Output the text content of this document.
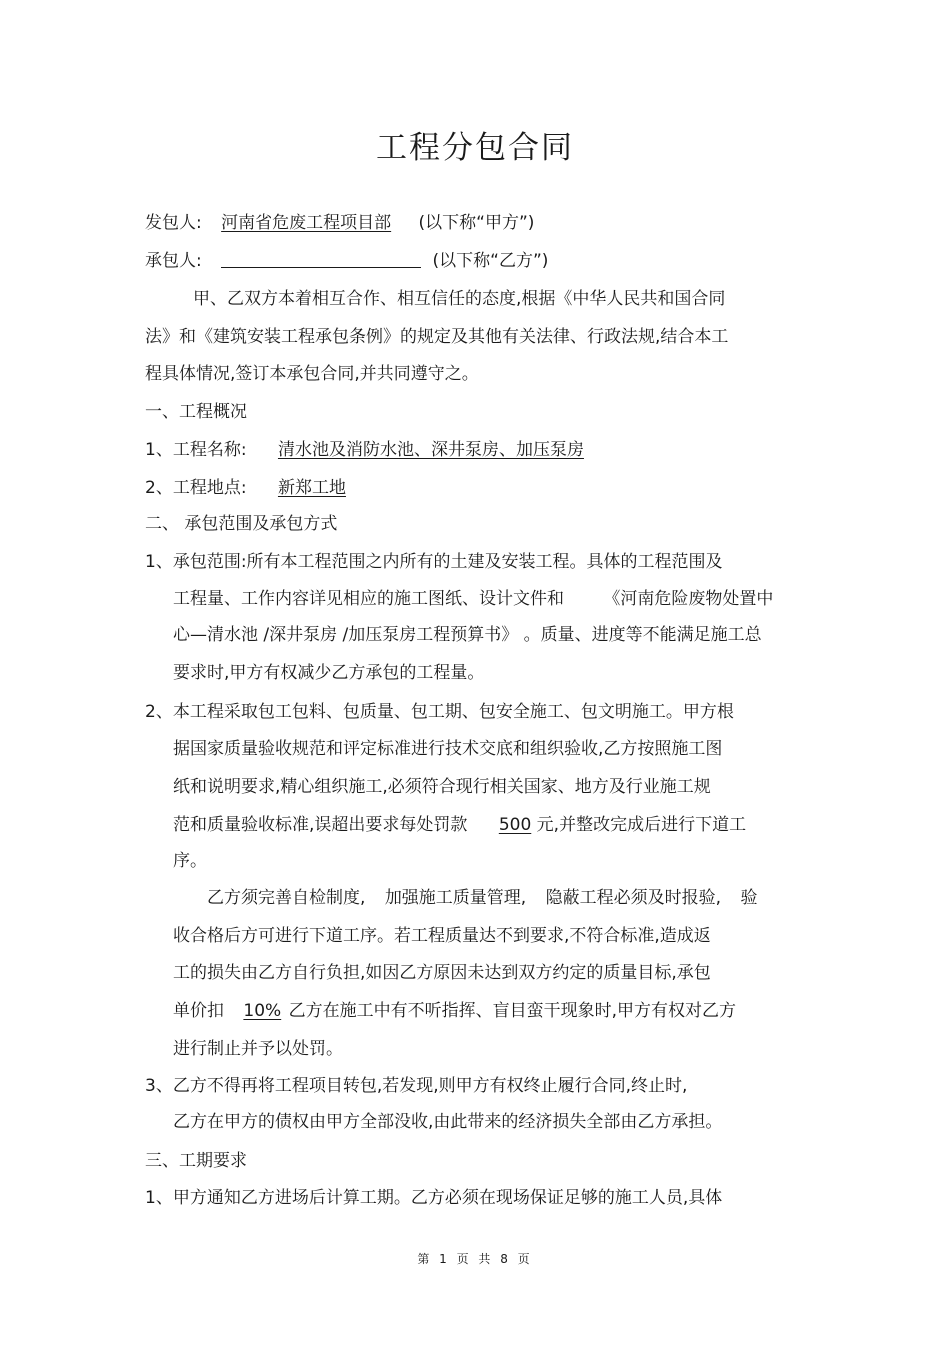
工程分包合同
发包人: 河南省危废工程项目部 (以下称“甲方”)
承包人:	(以下称“乙方”)
甲、乙双方本着相互合作、相互信任的态度,根据《中华人民共和国合同
法》和《建筑安装工程承包条例》的规定及其他有关法律、行政法规,结合本工
程具体情况,签订本承包合同,并共同遵守之。
一、工程概况
1、工程名称: 清水池及消防水池、深井泵房、加压泵房
2、工程地点: 新郑工地
二、 承包范围及承包方式
1、承包范围:所有本工程范围之内所有的土建及安装工程。具体的工程范围及
工程量、工作内容详见相应的施工图纸、设计文件和 《河南危险废物处置中
心—清水池 /深井泵房 /加压泵房工程预算书》 。质量、进度等不能满足施工总
要求时,甲方有权减少乙方承包的工程量。
2、本工程采取包工包料、包质量、包工期、包安全施工、包文明施工。甲方根
据国家质量验收规范和评定标准进行技术交底和组织验收,乙方按照施工图
纸和说明要求,精心组织施工,必须符合现行相关国家、地方及行业施工规
范和质量验收标准,误超出要求每处罚款 500 元,并整改完成后进行下道工
序。
乙方须完善自检制度, 加强施工质量管理, 隐蔽工程必须及时报验, 验
收合格后方可进行下道工序。若工程质量达不到要求,不符合标准,造成返
工的损失由乙方自行负担,如因乙方原因未达到双方约定的质量目标,承包
单价扣 10% 乙方在施工中有不听指挥、盲目蛮干现象时,甲方有权对乙方
进行制止并予以处罚。
3、乙方不得再将工程项目转包,若发现,则甲方有权终止履行合同,终止时,
乙方在甲方的债权由甲方全部没收,由此带来的经济损失全部由乙方承担。
三、工期要求
1、甲方通知乙方进场后计算工期。乙方必须在现场保证足够的施工人员,具体
第 1 页 共 8 页
